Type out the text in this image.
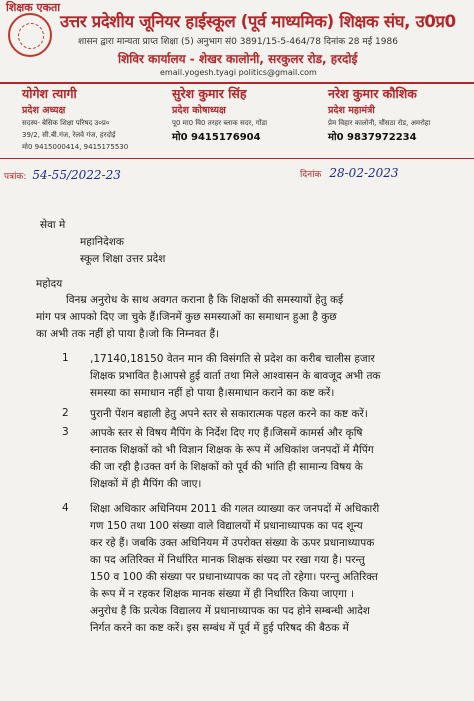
शिक्षक एकता
उत्तर प्रदेशीय जूनियर हाईस्कूल (पूर्व माध्यमिक) शिक्षक संघ, उ0प्र0
शासन द्वारा मान्यता प्राप्त शिक्षा (5) अनुभाग सं0 3891/15-5-464/78 दिनांक 28 मई 1986
शिविर कार्यालय - शेखर कालोनी, सरकुलर रोड, हरदोई
email.yogesh.tyagi politics@gmail.com
योगेश त्यागी
प्रदेश अध्यक्ष
सदस्य- बेसिक शिक्षा परिषद उ०प्र०
39/2, सी.बी.गंज, रेलवे गंज, हरदोई
मो0 9415000414, 9415175530
सुरेश कुमार सिंह
प्रदेश कोषाध्यक्ष
पू0 मा0 वि0 तरहर ब्लाक सदर, गोंडा
मो0 9415176904
नरेश कुमार कौशिक
प्रदेश महामंत्री
प्रेम विहार कालोनी, चौंसठा रोड, अमरोहा
मो0 9837972234
पत्रांक: 54-55/2022-23	दिनांक 28-02-2023
सेवा मे
महानिदेशक
स्कूल शिक्षा उत्तर प्रदेश
महोदय
विनम्र अनुरोध के साथ अवगत कराना है कि शिक्षकों की समस्यायों हेतु कई
मांग पत्र आपको दिए जा चुके हैं।जिनमें कुछ समस्याओं का समाधान हुआ है कुछ
का अभी तक नहीं हो पाया है।जो कि निम्नवत हैं।
1 ,17140,18150 वेतन मान की विसंगति से प्रदेश का करीब चालीस हजार
शिक्षक प्रभावित है।आपसे हुई वार्ता तथा मिले आश्वासन के बावजूद अभी तक
समस्या का समाधान नहीं हो पाया है।समाधान कराने का कष्ट करें।
2 पुरानी पेंशन बहाली हेतु अपने स्तर से सकारात्मक पहल करने का कष्ट करें।
3 आपके स्तर से विषय मैपिंग के निर्देश दिए गए हैं।जिसमें कामर्स और कृषि
स्नातक शिक्षकों को भी विज्ञान शिक्षक के रूप में अधिकांश जनपदों में मैपिंग
की जा रही है।उक्त वर्ग के शिक्षकों को पूर्व की भांति ही सामान्य विषय के
शिक्षकों में ही मैपिंग की जाए।
4 शिक्षा अधिकार अधिनियम 2011 की गलत व्याख्या कर जनपदों में अधिकारी
गण 150 तथा 100 संख्या वाले विद्यालयों में प्रधानाध्यापक का पद शून्य
कर रहे हैं। जबकि उक्त अधिनियम में उपरोक्त संख्या के ऊपर प्रधानाध्यापक
का पद अतिरिक्त में निर्धारित मानक शिक्षक संख्या पर रखा गया है। परन्तु
150 व 100 की संख्या पर प्रधानाध्यापक का पद तो रहेगा। परन्तु अतिरिक्त
के रूप में न रहकर शिक्षक मानक संख्या में ही निर्धारित किया जाएगा ।
अनुरोध है कि प्रत्येक विद्यालय में प्रधानाध्यापक का पद होने सम्बन्धी आदेश
निर्गत करने का कष्ट करें। इस सम्बंध में पूर्व में हुई परिषद की बैठक में
